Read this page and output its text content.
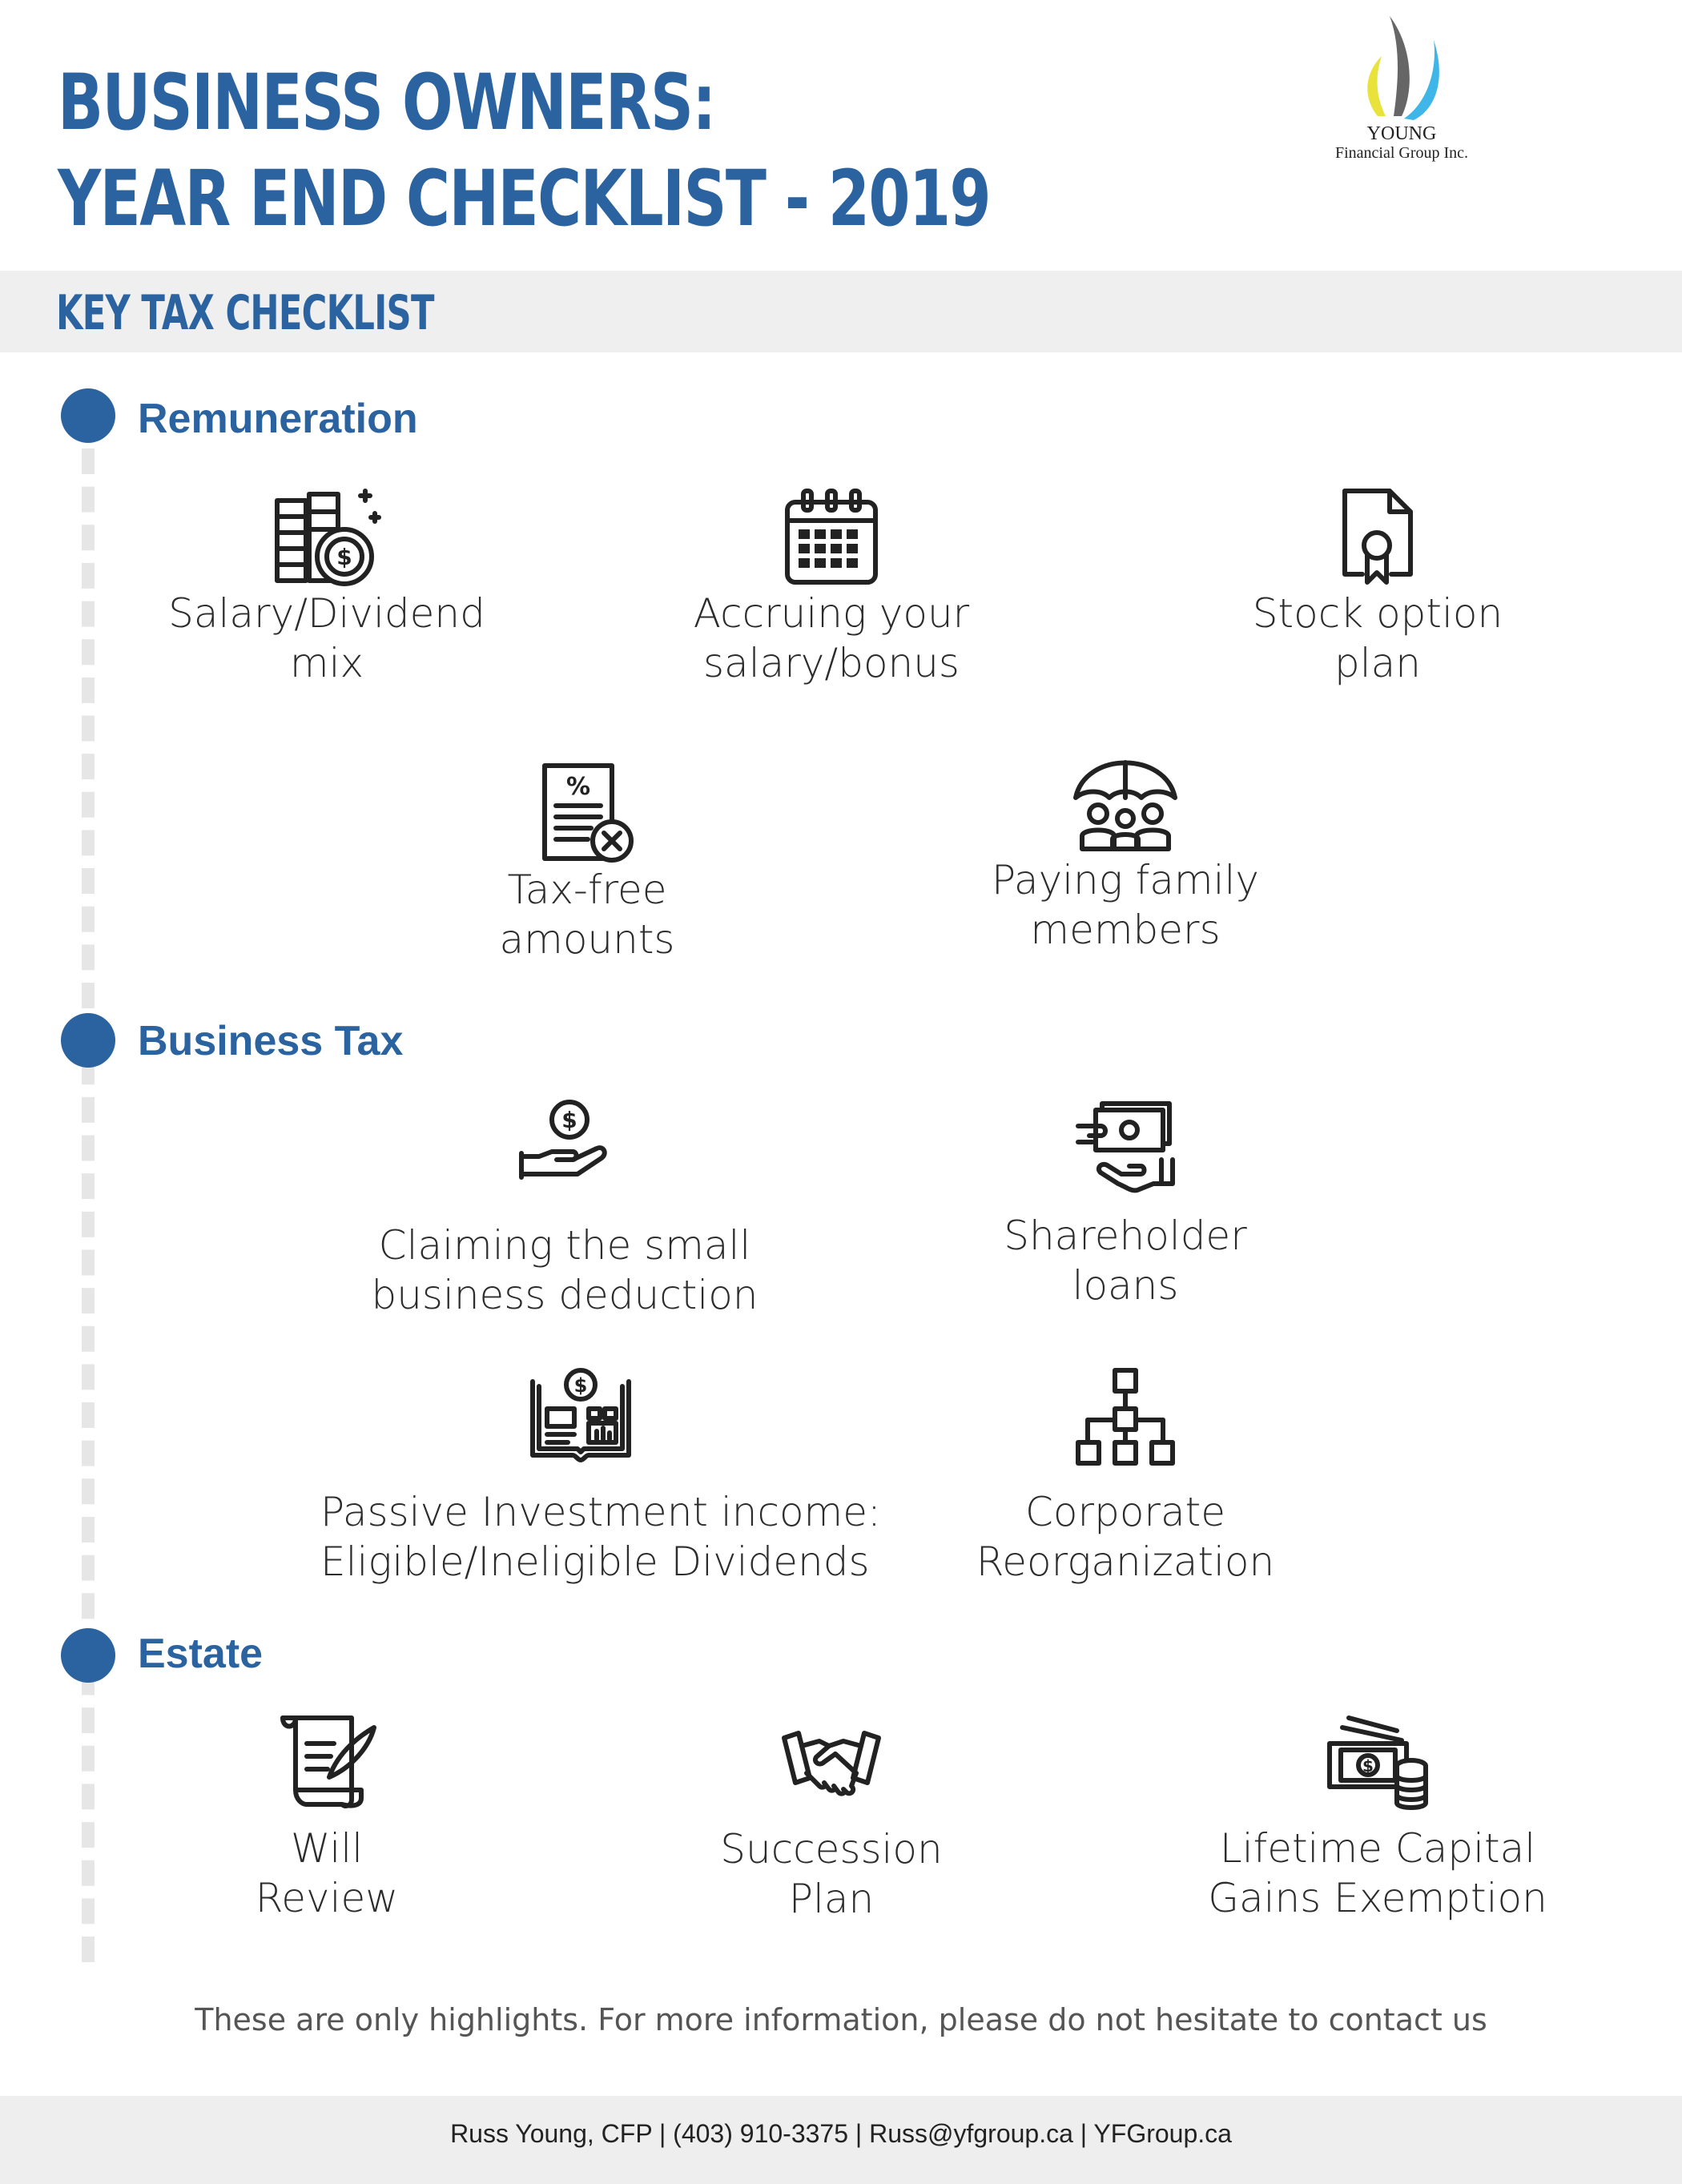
BUSINESS OWNERS:
YEAR END CHECKLIST - 2019
YOUNG
Financial Group Inc.
KEY TAX CHECKLIST
Remuneration
$
Salary/Dividend
mix
Accruing your
salary/bonus
Stock option
plan
%
Tax-free
amounts
Paying family
members
Business Tax
$
Claiming the small
business deduction
Shareholder
loans
$
Passive Investment income:
Eligible/Ineligible Dividends
Corporate
Reorganization
Estate
Will
Review
Succession
Plan
$
Lifetime Capital
Gains Exemption
These are only highlights. For more information, please do not hesitate to contact us
Russ Young, CFP | (403) 910-3375 | Russ@yfgroup.ca | YFGroup.ca
